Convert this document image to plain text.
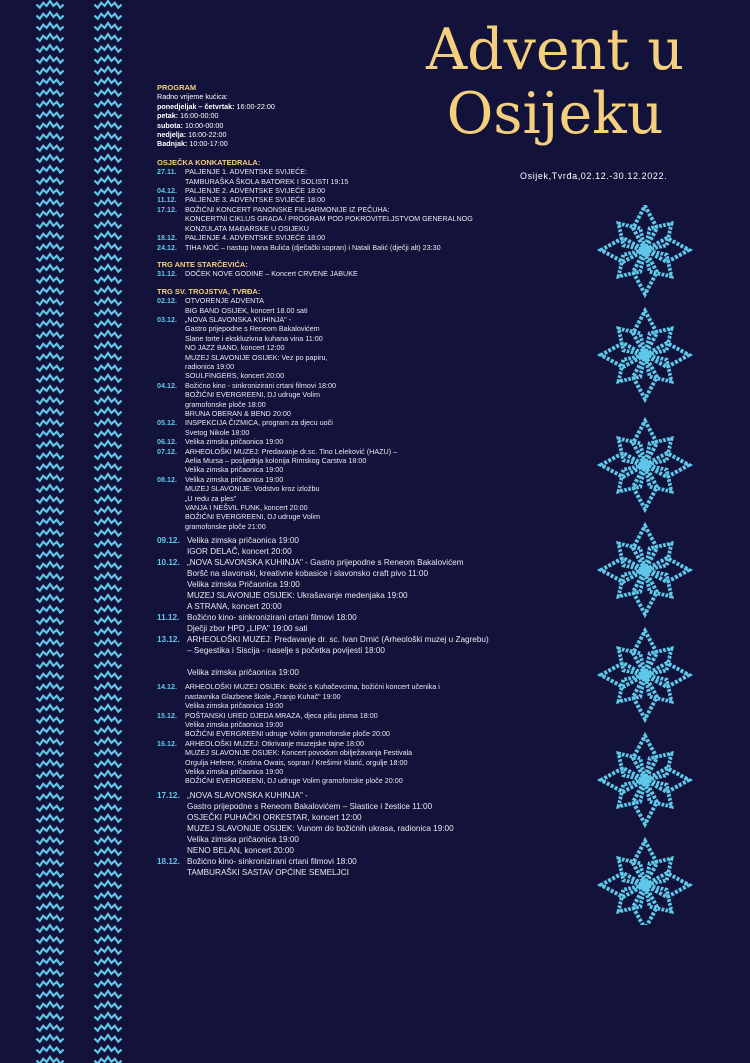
Advent u
Osijeku
Osijek,Tvrđa,02.12.-30.12.2022.
PROGRAM
Radno vrijeme kućica:
ponedjeljak – četvrtak: 16:00-22:00
petak: 16:00-00:00
subota: 10:00-00:00
nedjelja: 16:00-22:00
Badnjak: 10:00-17:00
OSJEČKA KONKATEDRALA:
27.11.	PALJENJE 1. ADVENTSKE SVIJEĆE:
TAMBURAŠKA ŠKOLA BATOREK I SOLISTI 19:15
04.12.	PALJENJE 2. ADVENTSKE SVIJEĆE 18:00
11.12.	PALJENJE 3. ADVENTSKE SVIJEĆE 18:00
17.12.	BOŽIĆNI KONCERT PANONSKE FILHARMONIJE IZ PEČUHA:
KONCERTNI CIKLUS GRADA / PROGRAM POD POKROVITELJSTVOM GENERALNOG
KONZULATA MAĐARSKE U OSIJEKU
18.12.	PALJENJE 4. ADVENTSKE SVIJEĆE 18:00
24.12.	TIHA NOĆ – nastup Ivana Bulića (dječački sopran) i Natali Balić (dječji alt) 23:30
TRG ANTE STARČEVIĆA:
31.12.	DOČEK NOVE GODINE – Koncert CRVENE JABUKE
TRG SV. TROJSTVA, TVRĐA:
02.12.	OTVORENJE ADVENTA
BIG BAND OSIJEK, koncert 18.00 sati
03.12.	„NOVA SLAVONSKA KUHINJA" -
Gastro prijepodne s Reneom Bakalovićem
Slane torte i ekskluzivna kuhana vina 11:00
NO JAZZ BAND, koncert 12:00
MUZEJ SLAVONIJE OSIJEK: Vez po papiru,
radionica 19:00
SOULFINGERS, koncert 20:00
04.12.	Božićno kino - sinkronizirani crtani filmovi 18:00
BOŽIĆNI EVERGREENI, DJ udruge Volim
gramofonske ploče 18:00
BRUNA OBERAN & BEND 20:00
05.12.	INSPEKCIJA ČIZMICA, program za djecu uoči
Svetog Nikole 18:00
06.12.	Velika zimska pričaonica 19:00
07.12.	ARHEOLOŠKI MUZEJ: Predavanje dr.sc. Tino Leleković (HAZU) –
Aelia Mursa – posljednja kolonija Rimskog Carstva 18:00
Velika zimska pričaonica 19:00
08.12.	Velika zimska pričaonica 19:00
MUZEJ SLAVONIJE: Vodstvo kroz izložbu
„U redu za ples"
VANJA I NEŠVIL FUNK, koncert 20:00
BOŽIĆNI EVERGREENI, DJ udruge Volim
gramofonske ploče 21:00
09.12. Velika zimska pričaonica 19:00
IGOR DELAČ, koncert 20:00
10.12. „NOVA SLAVONSKA KUHINJA" - Gastro prijepodne s Reneom Bakalovićem
Boršč na slavonski, kreativne kobasice i slavonsko craft pivo 11:00
Velika zimska Pričaonica 19:00
MUZEJ SLAVONIJE OSIJEK: Ukrašavanje medenjaka 19:00
A STRANA, koncert 20:00
11.12. Božićno kino- sinkronizirani crtani filmovi 18:00
Dječji zbor HPD „LIPA" 19:00 sati
13.12. ARHEOLOŠKI MUZEJ: Predavanje dr. sc. Ivan Drnić (Arheološki muzej u Zagrebu)
– Segestika i Siscija - naselje s početka povijesti 18:00

Velika zimska pričaonica 19:00
14.12.	ARHEOLOŠKI MUZEJ OSIJEK: Božić s Kuhačevcima, božićni koncert učenika i
nastavnika Glazbene škole „Franjo Kuhač" 19:00
Velika zimska pričaonica 19:00
15.12.	POŠTANSKI URED DJEDA MRAZA, djeca pišu pisma 18:00
Velika zimska pričaonica 19:00
BOŽIĆNI EVERGREENI udruge Volim gramofonske ploče 20:00
16.12.	ARHEOLOŠKI MUZEJ: Otkrivanje muzejske tajne 18:00
MUZEJ SLAVONIJE OSIJEK: Koncert povodom obilježavanja Festivala
Orgulja Heferer, Kristina Owais, sopran / Krešimir Klarić, orgulje 18:00
Velika zimska pričaonica 19:00
BOŽIĆNI EVERGREENI, DJ udruge Volim gramofonske ploče 20:00
17.12. „NOVA SLAVONSKA KUHINJA" -
Gastro prijepodne s Reneom Bakalovićem – Slastice i žestice 11:00
OSJEČKI PUHAČKI ORKESTAR, koncert 12:00
MUZEJ SLAVONIJE OSIJEK: Vunom do božićnih ukrasa, radionica 19:00
Velika zimska pričaonica 19:00
NENO BELAN, koncert 20:00
18.12. Božićno kino- sinkronizirani crtani filmovi 18:00
TAMBURAŠKI SASTAV OPĆINE SEMELJCI
